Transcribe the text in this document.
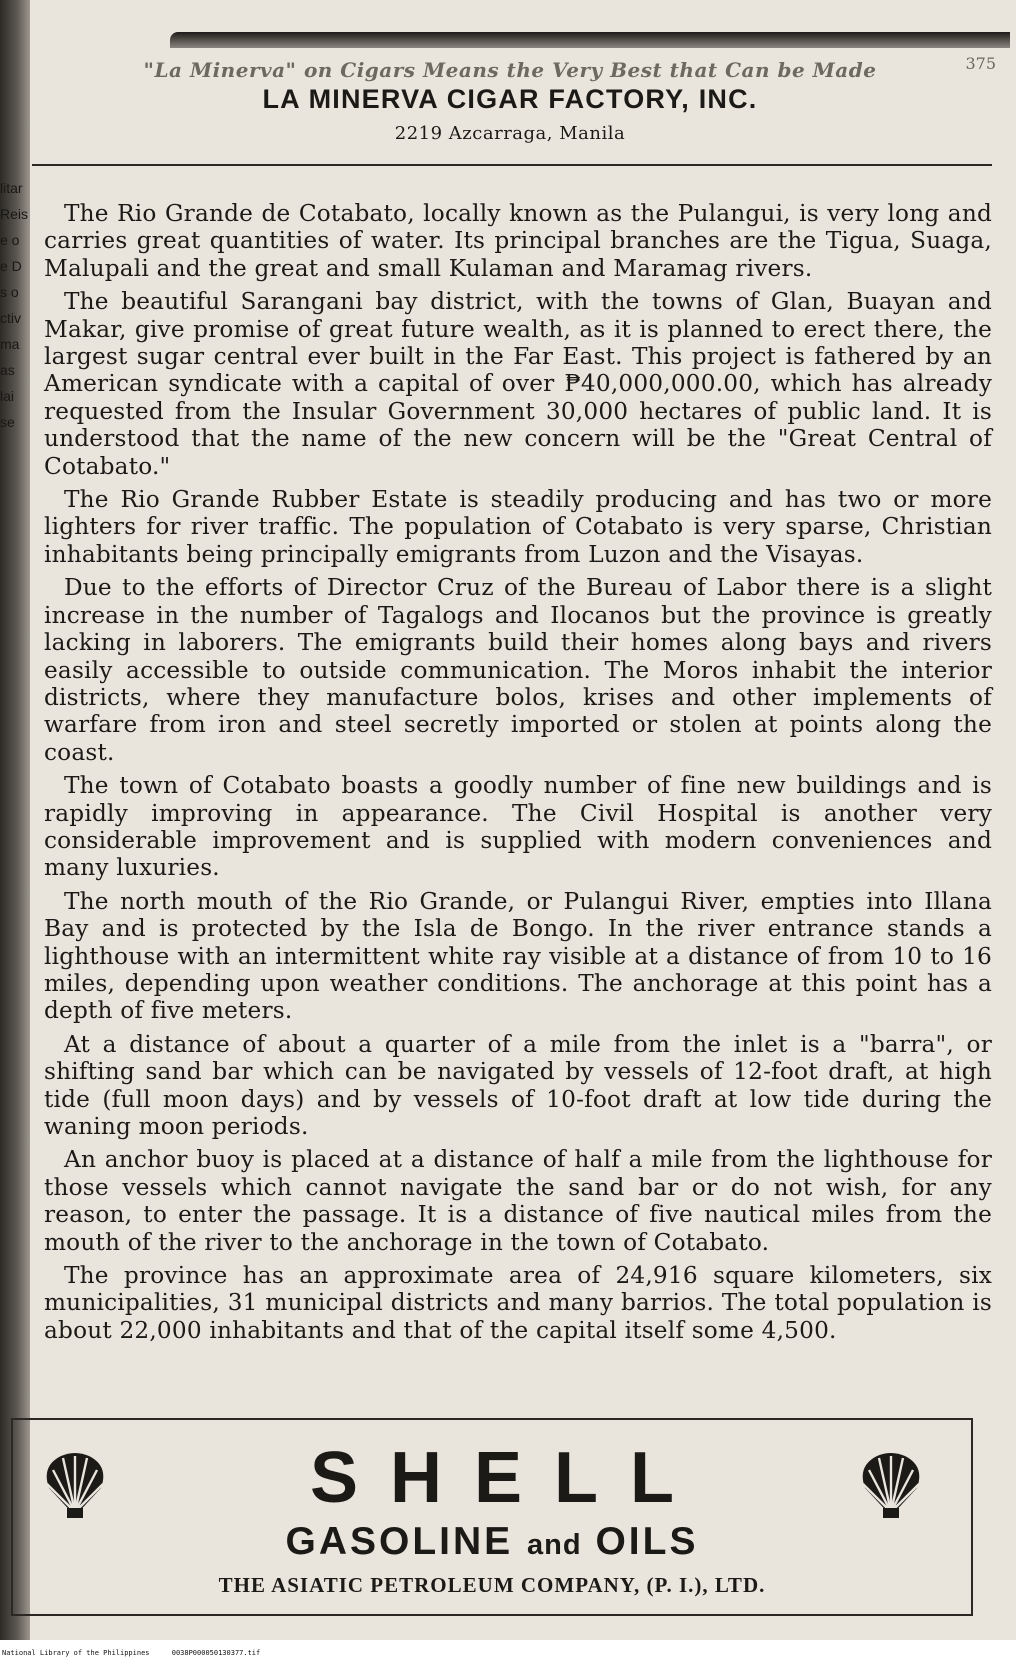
litar
Reis
e o
e D
s o
ctiv
ma
as
lai
se
375
"La Minerva" on Cigars Means the Very Best that Can be Made
LA MINERVA CIGAR FACTORY, INC.
2219 Azcarraga, Manila

The Rio Grande de Cotabato, locally known as the Pulangui, is very long and carries great quantities of water. Its principal branches are the Tigua, Suaga, Malupali and the great and small Kulaman and Maramag rivers.

The beautiful Sarangani bay district, with the towns of Glan, Buayan and Makar, give promise of great future wealth, as it is planned to erect there, the largest sugar central ever built in the Far East. This project is fathered by an American syndicate with a capital of over ₱40,000,000.00, which has already requested from the Insular Government 30,000 hectares of public land. It is understood that the name of the new concern will be the "Great Central of Cotabato."

The Rio Grande Rubber Estate is steadily producing and has two or more lighters for river traffic. The population of Cotabato is very sparse, Christian inhabitants being principally emigrants from Luzon and the Visayas.

Due to the efforts of Director Cruz of the Bureau of Labor there is a slight increase in the number of Tagalogs and Ilocanos but the province is greatly lacking in laborers. The emigrants build their homes along bays and rivers easily accessible to outside communication. The Moros inhabit the interior districts, where they manufacture bolos, krises and other implements of warfare from iron and steel secretly imported or stolen at points along the coast.

The town of Cotabato boasts a goodly number of fine new buildings and is rapidly improving in appearance. The Civil Hospital is another very considerable improvement and is supplied with modern conveniences and many luxuries.

The north mouth of the Rio Grande, or Pulangui River, empties into Illana Bay and is protected by the Isla de Bongo. In the river entrance stands a lighthouse with an intermittent white ray visible at a distance of from 10 to 16 miles, depending upon weather conditions. The anchorage at this point has a depth of five meters.

At a distance of about a quarter of a mile from the inlet is a "barra", or shifting sand bar which can be navigated by vessels of 12-foot draft, at high tide (full moon days) and by vessels of 10-foot draft at low tide during the waning moon periods.

An anchor buoy is placed at a distance of half a mile from the lighthouse for those vessels which cannot navigate the sand bar or do not wish, for any reason, to enter the passage. It is a distance of five nautical miles from the mouth of the river to the anchorage in the town of Cotabato.

The province has an approximate area of 24,916 square kilometers, six municipalities, 31 municipal districts and many barrios. The total population is about 22,000 inhabitants and that of the capital itself some 4,500.

SHELL
GASOLINE and OILS
THE ASIATIC PETROLEUM COMPANY, (P. I.), LTD.
National Library of the Philippines	0038P000050130377.tif
